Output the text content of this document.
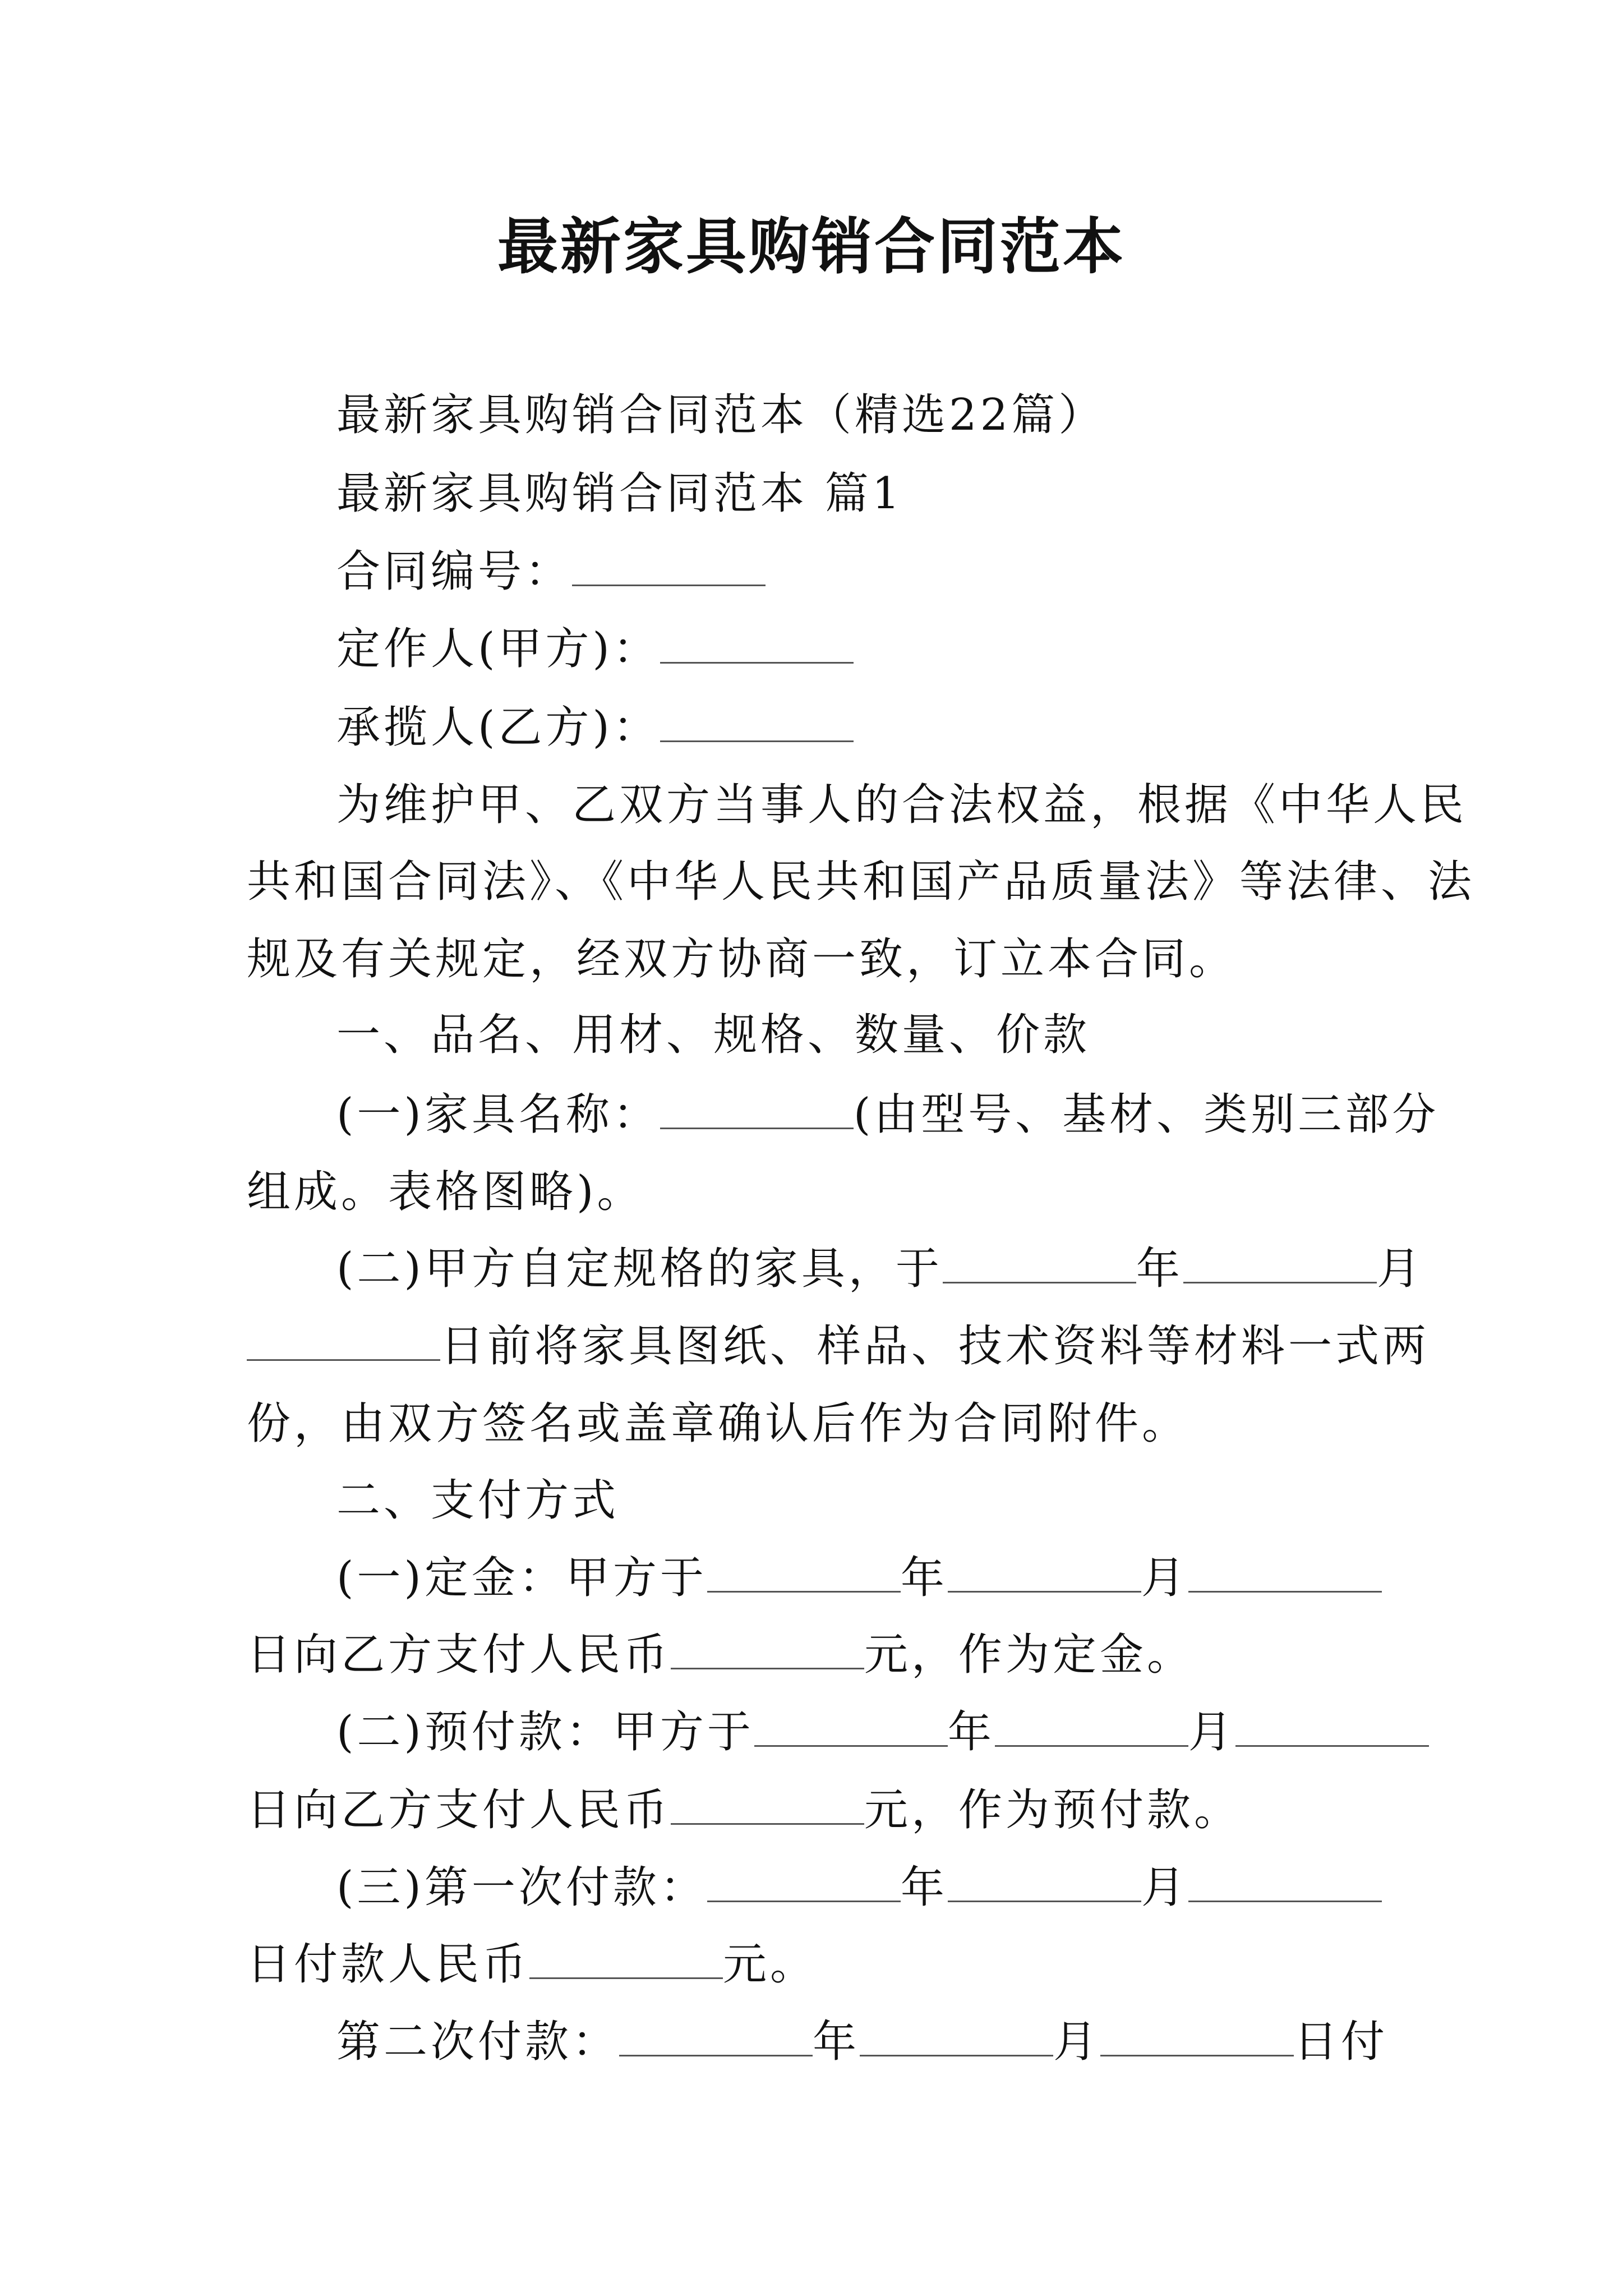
最新家具购销合同范本
最新家具购销合同范本（精选22篇）
最新家具购销合同范本 篇1
合同编号：
定作人(甲方)：
承揽人(乙方)：
为维护甲、乙双方当事人的合法权益，根据《中华人民
共和国合同法》、《中华人民共和国产品质量法》等法律、法
规及有关规定，经双方协商一致，订立本合同。
一、品名、用材、规格、数量、价款
(一)家具名称：	(由型号、基材、类别三部分
组成。表格图略)。
(二)甲方自定规格的家具，于	年	月
日前将家具图纸、样品、技术资料等材料一式两
份，由双方签名或盖章确认后作为合同附件。
二、支付方式
(一)定金：甲方于	年	月
日向乙方支付人民币	元，作为定金。
(二)预付款：甲方于	年	月
日向乙方支付人民币	元，作为预付款。
(三)第一次付款：	年	月
日付款人民币	元。
第二次付款：	年	月	日付
